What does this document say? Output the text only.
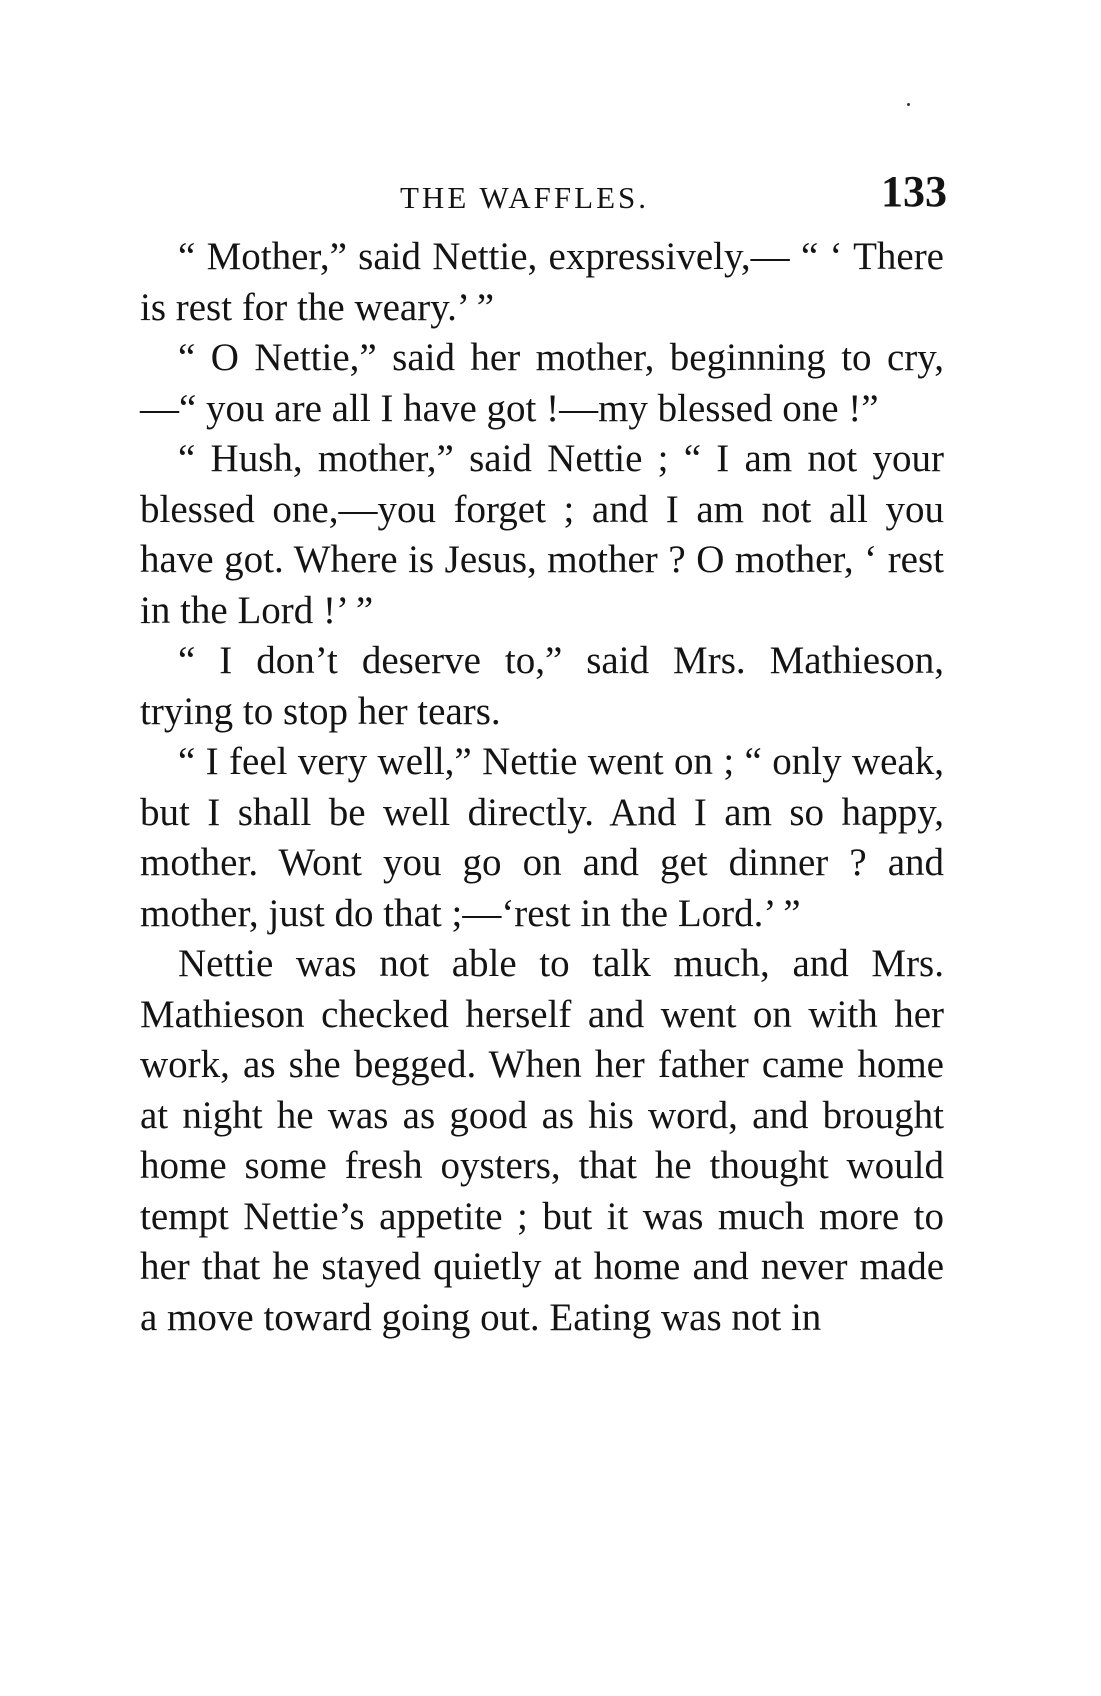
THE WAFFLES.	133

“ Mother,” said Nettie, expressively,— “ ‘ There is rest for the weary.’ ”

“ O Nettie,” said her mother, beginning to cry,—“ you are all I have got !—my blessed one !”

“ Hush, mother,” said Nettie ; “ I am not your blessed one,—you forget ; and I am not all you have got. Where is Jesus, mother ? O mother, ‘ rest in the Lord !’ ”

“ I don’t deserve to,” said Mrs. Mathieson, trying to stop her tears.

“ I feel very well,” Nettie went on ; “ only weak, but I shall be well directly. And I am so happy, mother. Wont you go on and get dinner ? and mother, just do that ;—‘rest in the Lord.’ ”

Nettie was not able to talk much, and Mrs. Mathieson checked herself and went on with her work, as she begged. When her father came home at night he was as good as his word, and brought home some fresh oysters, that he thought would tempt Nettie’s appetite ; but it was much more to her that he stayed quietly at home and never made a move toward going out. Eating was not in
